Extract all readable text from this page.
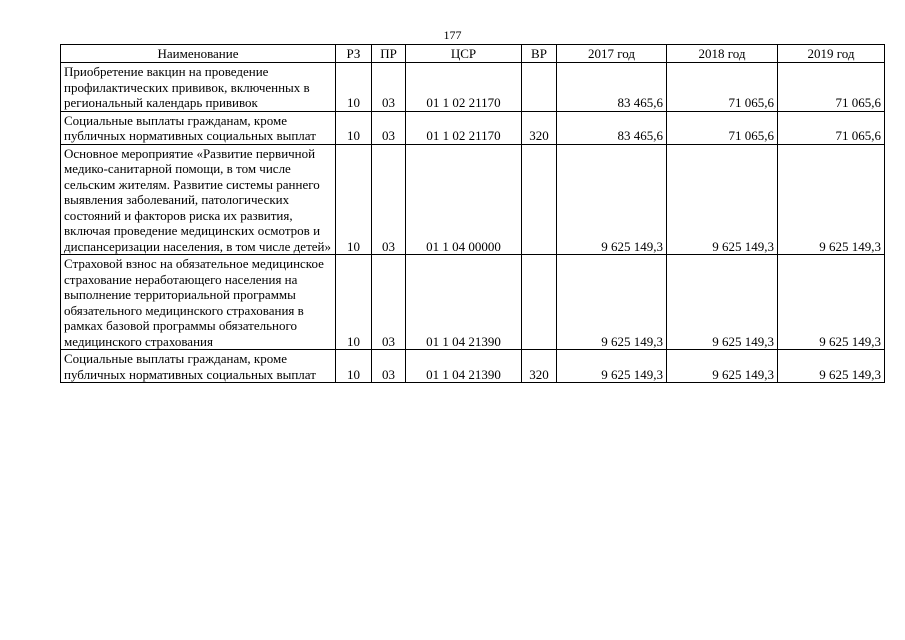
177
Наименование	РЗ	ПР	ЦСР	ВР	2017 год	2018 год	2019 год
Приобретение вакцин на проведение профилактических прививок, включенных в региональный календарь прививок	10	03	01 1 02 21170		83 465,6	71 065,6	71 065,6
Социальные выплаты гражданам, кроме публичных нормативных социальных выплат	10	03	01 1 02 21170	320	83 465,6	71 065,6	71 065,6
Основное мероприятие «Развитие первичной медико-санитарной помощи, в том числе сельским жителям. Развитие системы раннего выявления заболеваний, патологических состояний и факторов риска их развития, включая проведение медицинских осмотров и диспансеризации населения, в том числе детей»	10	03	01 1 04 00000		9 625 149,3	9 625 149,3	9 625 149,3
Страховой взнос на обязательное медицинское страхование неработающего населения на выполнение территориальной программы обязательного медицинского страхования в рамках базовой программы обязательного медицинского страхования	10	03	01 1 04 21390		9 625 149,3	9 625 149,3	9 625 149,3
Социальные выплаты гражданам, кроме публичных нормативных социальных выплат	10	03	01 1 04 21390	320	9 625 149,3	9 625 149,3	9 625 149,3
